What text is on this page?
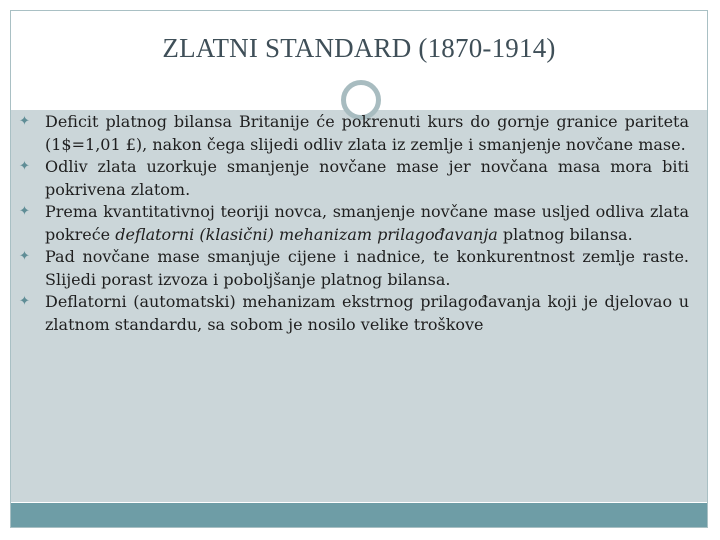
ZLATNI STANDARD (1870-1914)
✦ Deficit platnog bilansa Britanije će pokrenuti kurs do gornje granice pariteta (1$=1,01 £), nakon čega slijedi odliv zlata iz zemlje i smanjenje novčane mase.
✦ Odliv zlata uzorkuje smanjenje novčane mase jer novčana masa mora biti pokrivena zlatom.
✦ Prema kvantitativnoj teoriji novca, smanjenje novčane mase usljed odliva zlata pokreće deflatorni (klasični) mehanizam prilagođavanja platnog bilansa.
✦ Pad novčane mase smanjuje cijene i nadnice, te konkurentnost zemlje raste. Slijedi porast izvoza i poboljšanje platnog bilansa.
✦ Deflatorni (automatski) mehanizam ekstrnog prilagođavanja koji je djelovao u zlatnom standardu, sa sobom je nosilo velike troškove
